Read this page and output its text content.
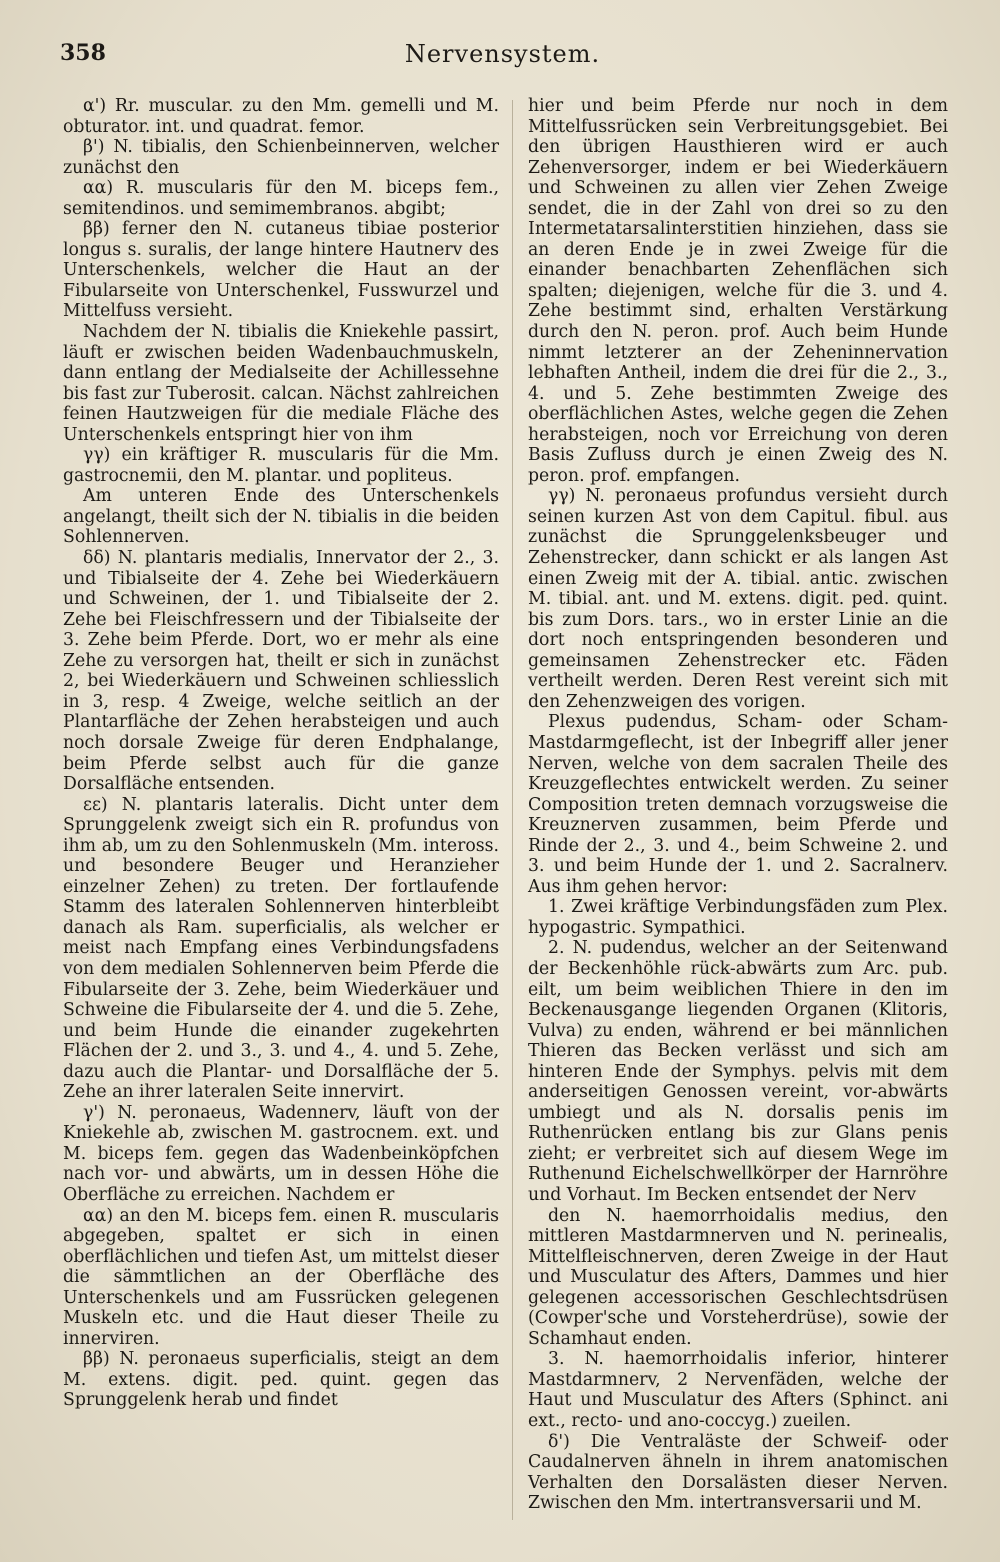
358	Nervensystem.

α') Rr. muscular. zu den Mm. gemelli und M. obturator. int. und quadrat. femor.

β') N. tibialis, den Schienbeinnerven, welcher zunächst den

αα) R. muscularis für den M. biceps fem., semitendinos. und semimembranos. abgibt;

ββ) ferner den N. cutaneus tibiae posterior longus s. suralis, der lange hintere Hautnerv des Unterschenkels, welcher die Haut an der Fibularseite von Unterschenkel, Fusswurzel und Mittelfuss versieht.

Nachdem der N. tibialis die Kniekehle passirt, läuft er zwischen beiden Wadenbauchmuskeln, dann entlang der Medialseite der Achillessehne bis fast zur Tuberosit. calcan. Nächst zahlreichen feinen Hautzweigen für die mediale Fläche des Unterschenkels entspringt hier von ihm

γγ) ein kräftiger R. muscularis für die Mm. gastrocnemii, den M. plantar. und popliteus.

Am unteren Ende des Unterschenkels angelangt, theilt sich der N. tibialis in die beiden Sohlennerven.

δδ) N. plantaris medialis, Innervator der 2., 3. und Tibialseite der 4. Zehe bei Wiederkäuern und Schweinen, der 1. und Tibialseite der 2. Zehe bei Fleischfressern und der Tibialseite der 3. Zehe beim Pferde. Dort, wo er mehr als eine Zehe zu versorgen hat, theilt er sich in zunächst 2, bei Wiederkäuern und Schweinen schliesslich in 3, resp. 4 Zweige, welche seitlich an der Plantarfläche der Zehen herabsteigen und auch noch dorsale Zweige für deren Endphalange, beim Pferde selbst auch für die ganze Dorsalfläche entsenden.

εε) N. plantaris lateralis. Dicht unter dem Sprunggelenk zweigt sich ein R. profundus von ihm ab, um zu den Sohlenmuskeln (Mm. inteross. und besondere Beuger und Heranzieher einzelner Zehen) zu treten. Der fortlaufende Stamm des lateralen Sohlennerven hinterbleibt danach als Ram. superficialis, als welcher er meist nach Empfang eines Verbindungsfadens von dem medialen Sohlennerven beim Pferde die Fibularseite der 3. Zehe, beim Wiederkäuer und Schweine die Fibularseite der 4. und die 5. Zehe, und beim Hunde die einander zugekehrten Flächen der 2. und 3., 3. und 4., 4. und 5. Zehe, dazu auch die Plantar- und Dorsalfläche der 5. Zehe an ihrer lateralen Seite innervirt.

γ') N. peronaeus, Wadennerv, läuft von der Kniekehle ab, zwischen M. gastrocnem. ext. und M. biceps fem. gegen das Wadenbeinköpfchen nach vor- und abwärts, um in dessen Höhe die Oberfläche zu erreichen. Nachdem er

αα) an den M. biceps fem. einen R. muscularis abgegeben, spaltet er sich in einen oberflächlichen und tiefen Ast, um mittelst dieser die sämmtlichen an der Oberfläche des Unterschenkels und am Fussrücken gelegenen Muskeln etc. und die Haut dieser Theile zu innerviren.

ββ) N. peronaeus superficialis, steigt an dem M. extens. digit. ped. quint. gegen das Sprunggelenk herab und findet

hier und beim Pferde nur noch in dem Mittelfussrücken sein Verbreitungsgebiet. Bei den übrigen Hausthieren wird er auch Zehenversorger, indem er bei Wiederkäuern und Schweinen zu allen vier Zehen Zweige sendet, die in der Zahl von drei so zu den Intermetatarsalinterstitien hinziehen, dass sie an deren Ende je in zwei Zweige für die einander benachbarten Zehenflächen sich spalten; diejenigen, welche für die 3. und 4. Zehe bestimmt sind, erhalten Verstärkung durch den N. peron. prof. Auch beim Hunde nimmt letzterer an der Zeheninnervation lebhaften Antheil, indem die drei für die 2., 3., 4. und 5. Zehe bestimmten Zweige des oberflächlichen Astes, welche gegen die Zehen herabsteigen, noch vor Erreichung von deren Basis Zufluss durch je einen Zweig des N. peron. prof. empfangen.

γγ) N. peronaeus profundus versieht durch seinen kurzen Ast von dem Capitul. fibul. aus zunächst die Sprunggelenksbeuger und Zehenstrecker, dann schickt er als langen Ast einen Zweig mit der A. tibial. antic. zwischen M. tibial. ant. und M. extens. digit. ped. quint. bis zum Dors. tars., wo in erster Linie an die dort noch entspringenden besonderen und gemeinsamen Zehenstrecker etc. Fäden vertheilt werden. Deren Rest vereint sich mit den Zehenzweigen des vorigen.

Plexus pudendus, Scham- oder Scham-Mastdarmgeflecht, ist der Inbegriff aller jener Nerven, welche von dem sacralen Theile des Kreuzgeflechtes entwickelt werden. Zu seiner Composition treten demnach vorzugsweise die Kreuznerven zusammen, beim Pferde und Rinde der 2., 3. und 4., beim Schweine 2. und 3. und beim Hunde der 1. und 2. Sacralnerv. Aus ihm gehen hervor:

1. Zwei kräftige Verbindungsfäden zum Plex. hypogastric. Sympathici.

2. N. pudendus, welcher an der Seitenwand der Beckenhöhle rück-abwärts zum Arc. pub. eilt, um beim weiblichen Thiere in den im Beckenausgange liegenden Organen (Klitoris, Vulva) zu enden, während er bei männlichen Thieren das Becken verlässt und sich am hinteren Ende der Symphys. pelvis mit dem anderseitigen Genossen vereint, vor-abwärts umbiegt und als N. dorsalis penis im Ruthenrücken entlang bis zur Glans penis zieht; er verbreitet sich auf diesem Wege im Ruthenund Eichelschwellkörper der Harnröhre und Vorhaut. Im Becken entsendet der Nerv

den N. haemorrhoidalis medius, den mittleren Mastdarmnerven und N. perinealis, Mittelfleischnerven, deren Zweige in der Haut und Musculatur des Afters, Dammes und hier gelegenen accessorischen Geschlechtsdrüsen (Cowper'sche und Vorsteherdrüse), sowie der Schamhaut enden.

3. N. haemorrhoidalis inferior, hinterer Mastdarmnerv, 2 Nervenfäden, welche der Haut und Musculatur des Afters (Sphinct. ani ext., recto- und ano-coccyg.) zueilen.

δ') Die Ventraläste der Schweif- oder Caudalnerven ähneln in ihrem anatomischen Verhalten den Dorsalästen dieser Nerven. Zwischen den Mm. intertransversarii und M.
